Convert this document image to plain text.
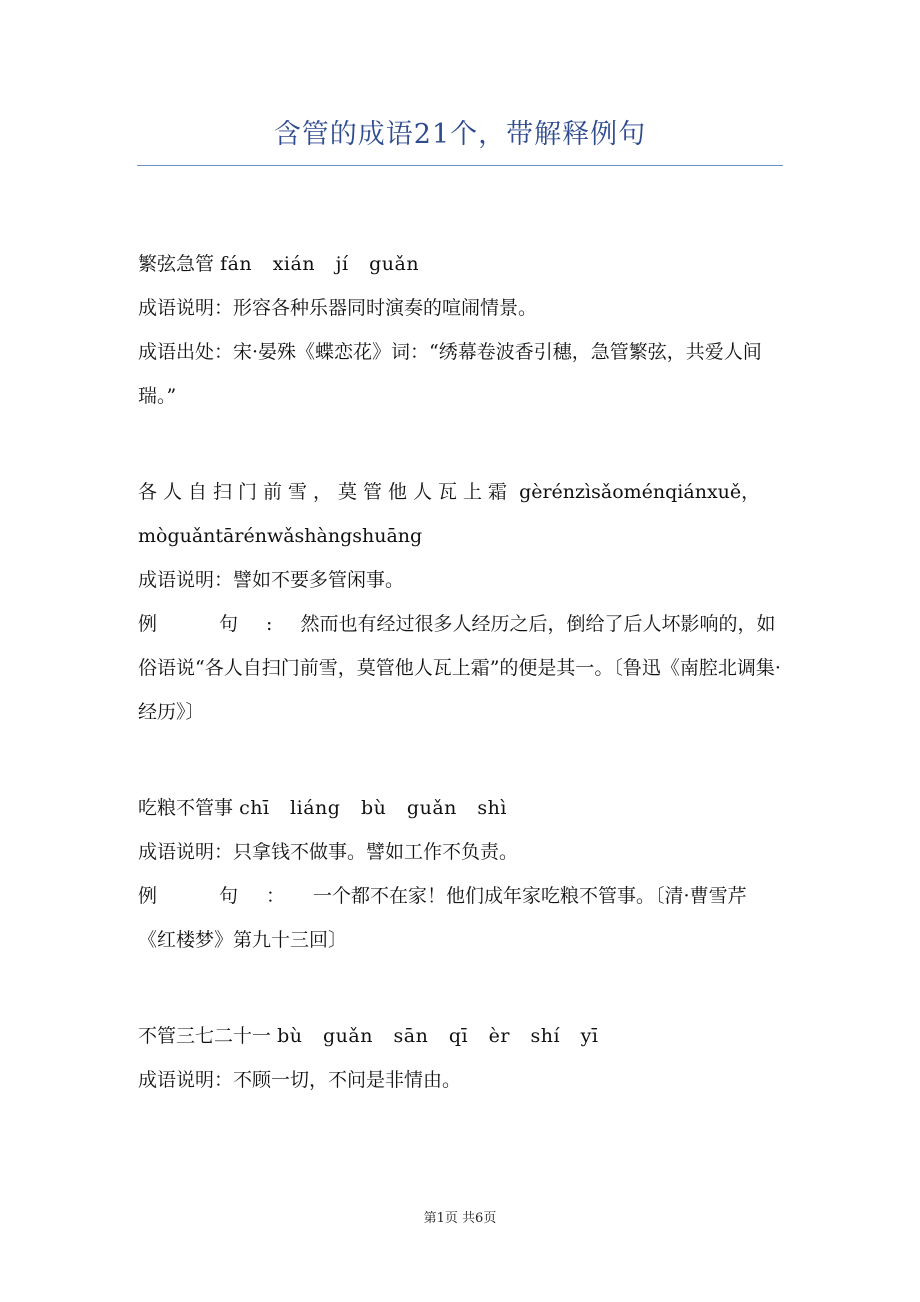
含管的成语21个，带解释例句

繁弦急管 fán xián jí guǎn

成语说明：形容各种乐器同时演奏的喧闹情景。

成语出处：宋·晏殊《蝶恋花》词：“绣幕卷波香引穗，急管繁弦，共爱人间瑞。”

各人自扫门前雪，莫管他人瓦上霜 gèrénzìsǎoménqiánxuě，

mòguǎntārénwǎshàngshuāng

成语说明：譬如不要多管闲事。

例 句:然而也有经过很多人经历之后，倒给了后人坏影响的，如俗语说“各人自扫门前雪，莫管他人瓦上霜”的便是其一。〔鲁迅《南腔北调集·经历》〕

吃粮不管事 chī liáng bù guǎn shì

成语说明：只拿钱不做事。譬如工作不负责。

例 句：一个都不在家！他们成年家吃粮不管事。〔清·曹雪芹《红楼梦》第九十三回〕

不管三七二十一 bù guǎn sān qī èr shí yī

成语说明：不顾一切，不问是非情由。

第1页 共6页
